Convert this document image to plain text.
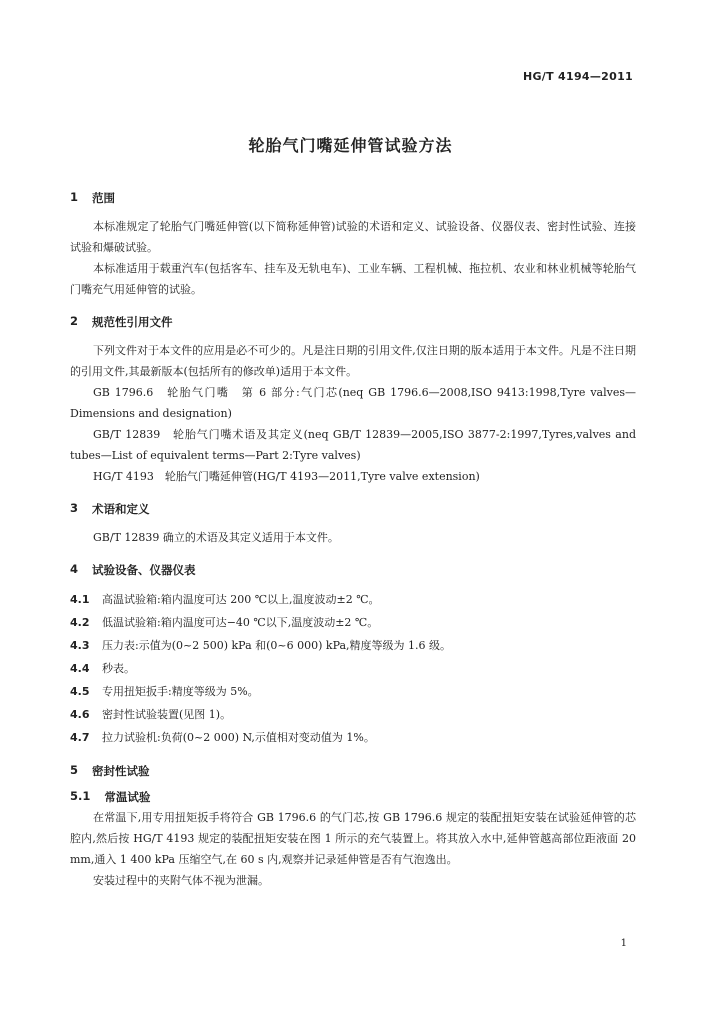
HG/T 4194—2011
轮胎气门嘴延伸管试验方法
1 范围

本标准规定了轮胎气门嘴延伸管(以下简称延伸管)试验的术语和定义、试验设备、仪器仪表、密封性试验、连接试验和爆破试验。

本标准适用于载重汽车(包括客车、挂车及无轨电车)、工业车辆、工程机械、拖拉机、农业和林业机械等轮胎气门嘴充气用延伸管的试验。

2 规范性引用文件

下列文件对于本文件的应用是必不可少的。凡是注日期的引用文件,仅注日期的版本适用于本文件。凡是不注日期的引用文件,其最新版本(包括所有的修改单)适用于本文件。

GB 1796.6　轮胎气门嘴　第 6 部分:气门芯(neq GB 1796.6—2008,ISO 9413:1998,Tyre valves—Dimensions and designation)

GB/T 12839　轮胎气门嘴术语及其定义(neq GB/T 12839—2005,ISO 3877-2:1997,Tyres,valves and tubes—List of equivalent terms—Part 2:Tyre valves)

HG/T 4193　轮胎气门嘴延伸管(HG/T 4193—2011,Tyre valve extension)

3 术语和定义

GB/T 12839 确立的术语及其定义适用于本文件。

4 试验设备、仪器仪表
4.1	高温试验箱:箱内温度可达 200 ℃以上,温度波动±2 ℃。
4.2	低温试验箱:箱内温度可达−40 ℃以下,温度波动±2 ℃。
4.3	压力表:示值为(0~2 500) kPa 和(0~6 000) kPa,精度等级为 1.6 级。
4.4	秒表。
4.5	专用扭矩扳手:精度等级为 5%。
4.6	密封性试验装置(见图 1)。
4.7	拉力试验机:负荷(0~2 000) N,示值相对变动值为 1%。
5 密封性试验
5.1 常温试验

在常温下,用专用扭矩扳手将符合 GB 1796.6 的气门芯,按 GB 1796.6 规定的装配扭矩安装在试验延伸管的芯腔内,然后按 HG/T 4193 规定的装配扭矩安装在图 1 所示的充气装置上。将其放入水中,延伸管越高部位距液面 20 mm,通入 1 400 kPa 压缩空气,在 60 s 内,观察并记录延伸管是否有气泡逸出。

安装过程中的夹附气体不视为泄漏。

1
